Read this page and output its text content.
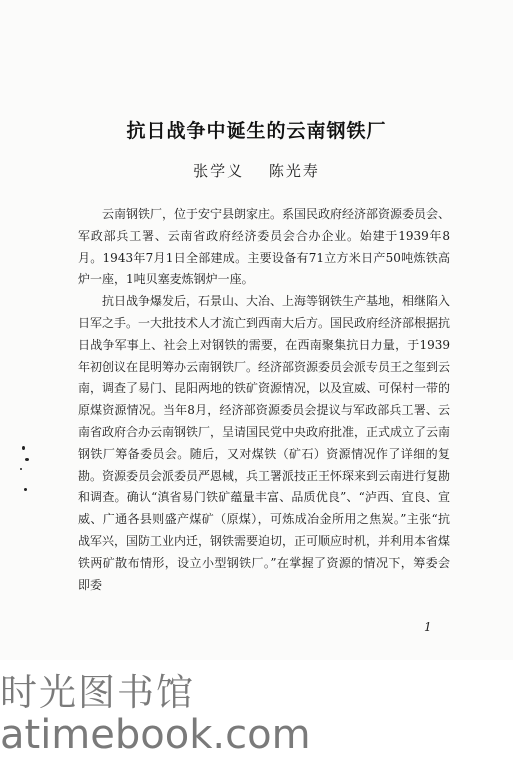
抗日战争中诞生的云南钢铁厂
张学义 陈光寿

云南钢铁厂，位于安宁县朗家庄。系国民政府经济部资源委员会、军政部兵工署、云南省政府经济委员会合办企业。始建于1939年8月。1943年7月1日全部建成。主要设备有71立方米日产50吨炼铁高炉一座，1吨贝塞麦炼钢炉一座。

抗日战争爆发后，石景山、大冶、上海等钢铁生产基地，相继陷入日军之手。一大批技术人才流亡到西南大后方。国民政府经济部根据抗日战争军事上、社会上对钢铁的需要，在西南聚集抗日力量，于1939年初创议在昆明筹办云南钢铁厂。经济部资源委员会派专员王之玺到云南，调查了易门、昆阳两地的铁矿资源情况，以及宣威、可保村一带的原煤资源情况。当年8月，经济部资源委员会提议与军政部兵工署、云南省政府合办云南钢铁厂，呈请国民党中央政府批准，正式成立了云南钢铁厂筹备委员会。随后，又对煤铁（矿石）资源情况作了详细的复勘。资源委员会派委员严恩棫，兵工署派技正王怀琛来到云南进行复勘和调查。确认“滇省易门铁矿蕴量丰富、品质优良”、“泸西、宜良、宣威、广通各县则盛产煤矿（原煤），可炼成冶金所用之焦炭。”主张“抗战军兴，国防工业内迁，钢铁需要迫切，正可顺应时机，并利用本省煤铁两矿散布情形，设立小型钢铁厂。”在掌握了资源的情况下，筹委会即委

1
时光图书馆
atimebook.com
